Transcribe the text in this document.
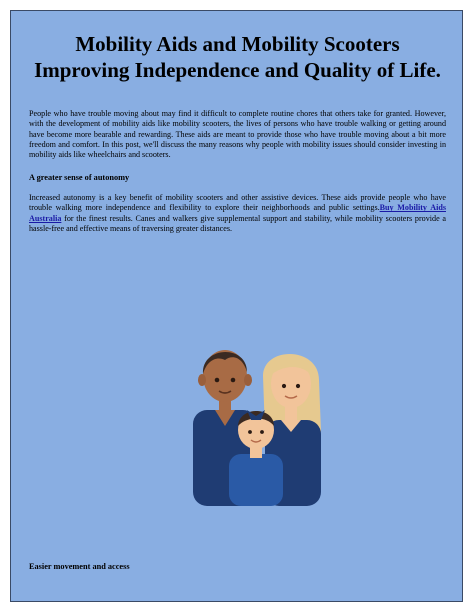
Mobility Aids and Mobility Scooters Improving Independence and Quality of Life.

People who have trouble moving about may find it difficult to complete routine chores that others take for granted. However, with the development of mobility aids like mobility scooters, the lives of persons who have trouble walking or getting around have become more bearable and rewarding. These aids are meant to provide those who have trouble moving about a bit more freedom and comfort. In this post, we'll discuss the many reasons why people with mobility issues should consider investing in mobility aids like wheelchairs and scooters.

A greater sense of autonomy

Increased autonomy is a key benefit of mobility scooters and other assistive devices. These aids provide people who have trouble walking more independence and flexibility to explore their neighborhoods and public settings.Buy Mobility Aids Australia for the finest results. Canes and walkers give supplemental support and stability, while mobility scooters provide a hassle-free and effective means of traversing greater distances.

Easier movement and access
